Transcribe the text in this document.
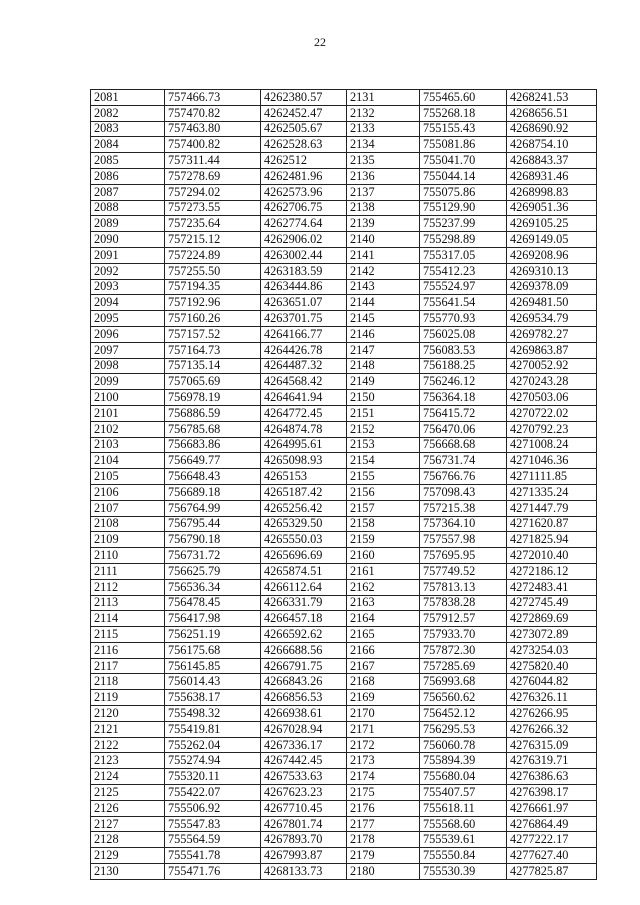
22
2081	757466.73	4262380.57	2131	755465.60	4268241.53
2082	757470.82	4262452.47	2132	755268.18	4268656.51
2083	757463.80	4262505.67	2133	755155.43	4268690.92
2084	757400.82	4262528.63	2134	755081.86	4268754.10
2085	757311.44	4262512	2135	755041.70	4268843.37
2086	757278.69	4262481.96	2136	755044.14	4268931.46
2087	757294.02	4262573.96	2137	755075.86	4268998.83
2088	757273.55	4262706.75	2138	755129.90	4269051.36
2089	757235.64	4262774.64	2139	755237.99	4269105.25
2090	757215.12	4262906.02	2140	755298.89	4269149.05
2091	757224.89	4263002.44	2141	755317.05	4269208.96
2092	757255.50	4263183.59	2142	755412.23	4269310.13
2093	757194.35	4263444.86	2143	755524.97	4269378.09
2094	757192.96	4263651.07	2144	755641.54	4269481.50
2095	757160.26	4263701.75	2145	755770.93	4269534.79
2096	757157.52	4264166.77	2146	756025.08	4269782.27
2097	757164.73	4264426.78	2147	756083.53	4269863.87
2098	757135.14	4264487.32	2148	756188.25	4270052.92
2099	757065.69	4264568.42	2149	756246.12	4270243.28
2100	756978.19	4264641.94	2150	756364.18	4270503.06
2101	756886.59	4264772.45	2151	756415.72	4270722.02
2102	756785.68	4264874.78	2152	756470.06	4270792.23
2103	756683.86	4264995.61	2153	756668.68	4271008.24
2104	756649.77	4265098.93	2154	756731.74	4271046.36
2105	756648.43	4265153	2155	756766.76	4271111.85
2106	756689.18	4265187.42	2156	757098.43	4271335.24
2107	756764.99	4265256.42	2157	757215.38	4271447.79
2108	756795.44	4265329.50	2158	757364.10	4271620.87
2109	756790.18	4265550.03	2159	757557.98	4271825.94
2110	756731.72	4265696.69	2160	757695.95	4272010.40
2111	756625.79	4265874.51	2161	757749.52	4272186.12
2112	756536.34	4266112.64	2162	757813.13	4272483.41
2113	756478.45	4266331.79	2163	757838.28	4272745.49
2114	756417.98	4266457.18	2164	757912.57	4272869.69
2115	756251.19	4266592.62	2165	757933.70	4273072.89
2116	756175.68	4266688.56	2166	757872.30	4273254.03
2117	756145.85	4266791.75	2167	757285.69	4275820.40
2118	756014.43	4266843.26	2168	756993.68	4276044.82
2119	755638.17	4266856.53	2169	756560.62	4276326.11
2120	755498.32	4266938.61	2170	756452.12	4276266.95
2121	755419.81	4267028.94	2171	756295.53	4276266.32
2122	755262.04	4267336.17	2172	756060.78	4276315.09
2123	755274.94	4267442.45	2173	755894.39	4276319.71
2124	755320.11	4267533.63	2174	755680.04	4276386.63
2125	755422.07	4267623.23	2175	755407.57	4276398.17
2126	755506.92	4267710.45	2176	755618.11	4276661.97
2127	755547.83	4267801.74	2177	755568.60	4276864.49
2128	755564.59	4267893.70	2178	755539.61	4277222.17
2129	755541.78	4267993.87	2179	755550.84	4277627.40
2130	755471.76	4268133.73	2180	755530.39	4277825.87
